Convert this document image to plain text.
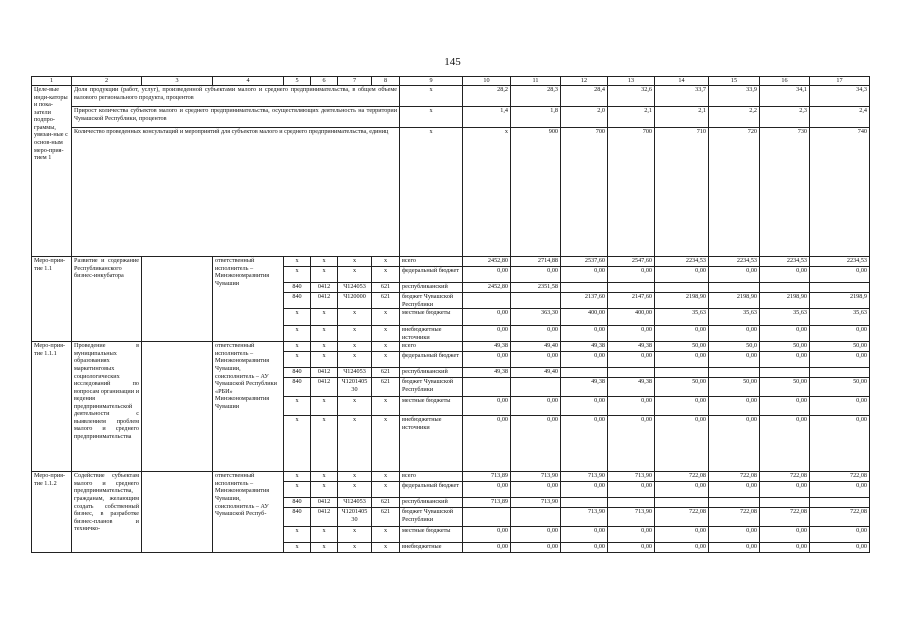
145
1	2	3	4	5	6	7	8	9	10	11	12	13	14	15	16	17
Целе-вые инди-каторы и пока-затели подпро-граммы, увязан-ные с основ-ным меро-прия-тием 1	Доля продукции (работ, услуг), произведенной субъектами малого и среднего предпринимательства, в общем объеме валового регионального продукта, процентов							x	28,2	28,3	28,4	32,6	33,7	33,9	34,1	34,3
	Прирост количества субъектов малого и среднего предпринимательства, осуществляющих деятельность на территории Чувашской Республики, процентов							x	1,4	1,8	2,0	2,1	2,1	2,2	2,3	2,4
	Количество проведенных консультаций и мероприятий для субъектов малого и среднего предпринимательства, единиц							x	x	900	700	700	710	720	730	740
Меро-прия-тие 1.1	Развитие и содержание Республиканского бизнес-инкубатора		ответственный исполнитель – Минэкономразвития Чувашии	x	x	x	x	всего	2452,80	2714,88	2537,60	2547,60	2234,53	2234,53	2234,53	2234,53
				x	x	x	x	федеральный бюджет	0,00	0,00	0,00	0,00	0,00	0,00	0,00	0,00
				840	0412	Ч124053	621	республиканский	2452,80	2351,58						
				840	0412	Ч120000	621	бюджет Чувашской Республики			2137,60	2147,60	2198,90	2198,90	2198,90	2198,9
				x	x	x	x	местные бюджеты	0,00	363,30	400,00	400,00	35,63	35,63	35,63	35,63
				x	x	x	x	внебюджетные источники	0,00	0,00	0,00	0,00	0,00	0,00	0,00	0,00
Меро-прия-тие 1.1.1	Проведение в муниципальных образованиях маркетинговых социологических исследований по вопросам организации и ведения предпринимательской деятельности с выявлением проблем малого и среднего предпринимательства		ответственный исполнитель – Минэкономразвития Чувашии, соисполнитель – АУ Чувашской Республики «РБИ» Минэкономразвития Чувашии	x	x	x	x	всего	49,38	49,40	49,38	49,38	50,00	50,0	50,00	50,00
				x	x	x	x	федеральный бюджет	0,00	0,00	0,00	0,00	0,00	0,00	0,00	0,00
				840	0412	Ч124053	621	республиканский	49,38	49,40						
				840	0412	Ч1201405 30	621	бюджет Чувашской Республики			49,38	49,38	50,00	50,00	50,00	50,00
				x	x	x	x	местные бюджеты	0,00	0,00	0,00	0,00	0,00	0,00	0,00	0,00
				x	x	x	x	внебюджетные источники	0,00	0,00	0,00	0,00	0,00	0,00	0,00	0,00
Меро-прия-тие 1.1.2	Содействие субъектам малого и среднего предпринимательства, гражданам, желающим создать собственный бизнес, в разработке бизнес-планов и техничко-		ответственный исполнитель – Минэкономразвития Чувашии, соисполнитель – АУ Чувашской Респуб-	x	x	x	x	всего	713,89	713,90	713,90	713,90	722,08	722,08	722,08	722,08
				x	x	x	x	федеральный бюджет	0,00	0,00	0,00	0,00	0,00	0,00	0,00	0,00
				840	0412	Ч124053	621	республиканский	713,89	713,90						
				840	0412	Ч1201405 30	621	бюджет Чувашской Республики			713,90	713,90	722,08	722,08	722,08	722,08
				x	x	x	x	местные бюджеты	0,00	0,00	0,00	0,00	0,00	0,00	0,00	0,00
				x	x	x	x	внебюджетные	0,00	0,00	0,00	0,00	0,00	0,00	0,00	0,00
